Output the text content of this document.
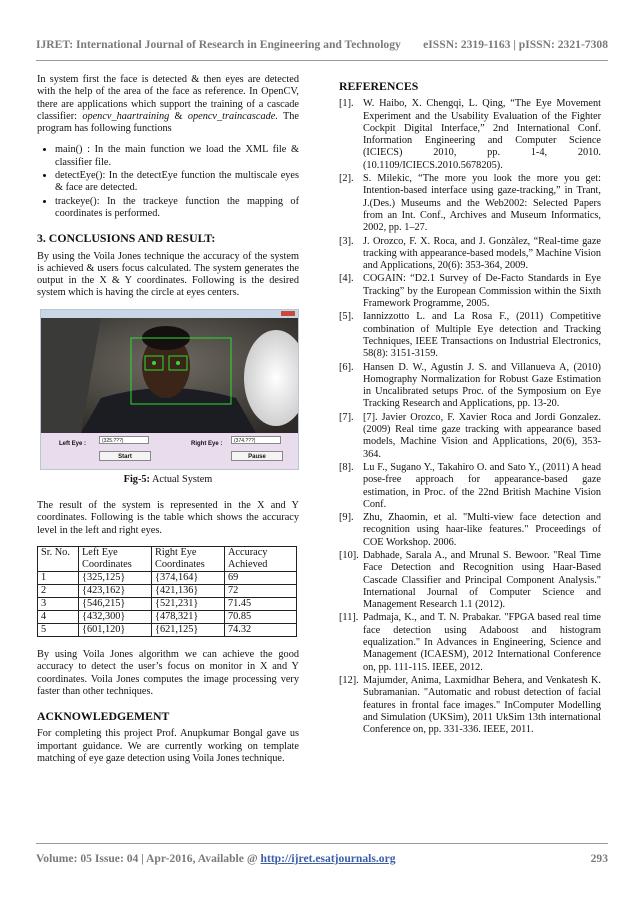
IJRET: International Journal of Research in Engineering and Technology eISSN: 2319-1163 | pISSN: 2321-7308

In system first the face is detected & then eyes are detected with the help of the area of the face as reference. In OpenCV, there are applications which support the training of a cascade classifier: opencv_haartraining & opencv_traincascade. The program has following functions

• main() : In the main function we load the XML file & classifier file.
• detectEye(): In the detectEye function the multiscale eyes & face are detected.
• trackeye(): In the trackeye function the mapping of coordinates is performed.
3. CONCLUSIONS AND RESULT:

By using the Voila Jones technique the accuracy of the system is achieved & users focus calculated. The system generates the output in the X & Y coordinates. Following is the desired system which is having the circle at eyes centers.

Left Eye :	(325.???)	Right Eye :	(374.???)
Start	Pause
Fig-5: Actual System

The result of the system is represented in the X and Y coordinates. Following is the table which shows the accuracy level in the left and right eyes.

Sr. No.	Left Eye Coordinates	Right Eye Coordinates	Accuracy Achieved
1	{325,125}	{374,164}	69
2	{423,162}	{421,136}	72
3	{546,215}	{521,231}	71.45
4	{432,300}	{478,321}	70.85
5	{601,120}	{621,125}	74.32

By using Voila Jones algorithm we can achieve the good accuracy to detect the user’s focus on monitor in X and Y coordinates. Voila Jones computes the image processing very faster than other techniques.

ACKNOWLEDGEMENT

For completing this project Prof. Anupkumar Bongal gave us important guidance. We are currently working on template matching of eye gaze detection using Voila Jones technique.

REFERENCES
[1]. W. Haibo, X. Chengqi, L. Qing, “The Eye Movement Experiment and the Usability Evaluation of the Fighter Cockpit Digital Interface,” 2nd International Conf. Information Engineering and Computer Science (ICIECS) 2010, pp. 1-4, 2010. (10.1109/ICIECS.2010.5678205).
[2]. S. Milekic, “The more you look the more you get: Intention-based interface using gaze-tracking,” in Trant, J.(Des.) Museums and the Web2002: Selected Papers from an Int. Conf., Archives and Museum Informatics, 2002, pp. 1–27.
[3]. J. Orozco, F. X. Roca, and J. Gonzàlez, “Real-time gaze tracking with appearance-based models,” Machine Vision and Applications, 20(6): 353-364, 2009.
[4]. COGAIN: “D2.1 Survey of De-Facto Standards in Eye Tracking” by the European Commission within the Sixth Framework Programme, 2005.
[5]. Iannizzotto L. and La Rosa F., (2011) Competitive combination of Multiple Eye detection and Tracking Techniques, IEEE Transactions on Industrial Electronics, 58(8): 3151-3159.
[6]. Hansen D. W., Agustin J. S. and Villanueva A, (2010) Homography Normalization for Robust Gaze Estimation in Uncalibrated setups Proc. of the Symposium on Eye Tracking Research and Applications, pp. 13-20.
[7]. [7]. Javier Orozco, F. Xavier Roca and Jordi Gonzalez. (2009) Real time gaze tracking with appearance based models, Machine Vision and Applications, 20(6), 353-364.
[8]. Lu F., Sugano Y., Takahiro O. and Sato Y., (2011) A head pose-free approach for appearance-based gaze estimation, in Proc. of the 22nd British Machine Vision Conf.
[9]. Zhu, Zhaomin, et al. "Multi-view face detection and recognition using haar-like features." Proceedings of COE Workshop. 2006.
[10]. Dabhade, Sarala A., and Mrunal S. Bewoor. "Real Time Face Detection and Recognition using Haar-Based Cascade Classifier and Principal Component Analysis." International Journal of Computer Science and Management Research 1.1 (2012).
[11]. Padmaja, K., and T. N. Prabakar. "FPGA based real time face detection using Adaboost and histogram equalization." In Advances in Engineering, Science and Management (ICAESM), 2012 International Conference on, pp. 111-115. IEEE, 2012.
[12]. Majumder, Anima, Laxmidhar Behera, and Venkatesh K. Subramanian. "Automatic and robust detection of facial features in frontal face images." InComputer Modelling and Simulation (UKSim), 2011 UkSim 13th international Conference on, pp. 331-336. IEEE, 2011.
Volume: 05 Issue: 04 | Apr-2016, Available @ http://ijret.esatjournals.org	293
